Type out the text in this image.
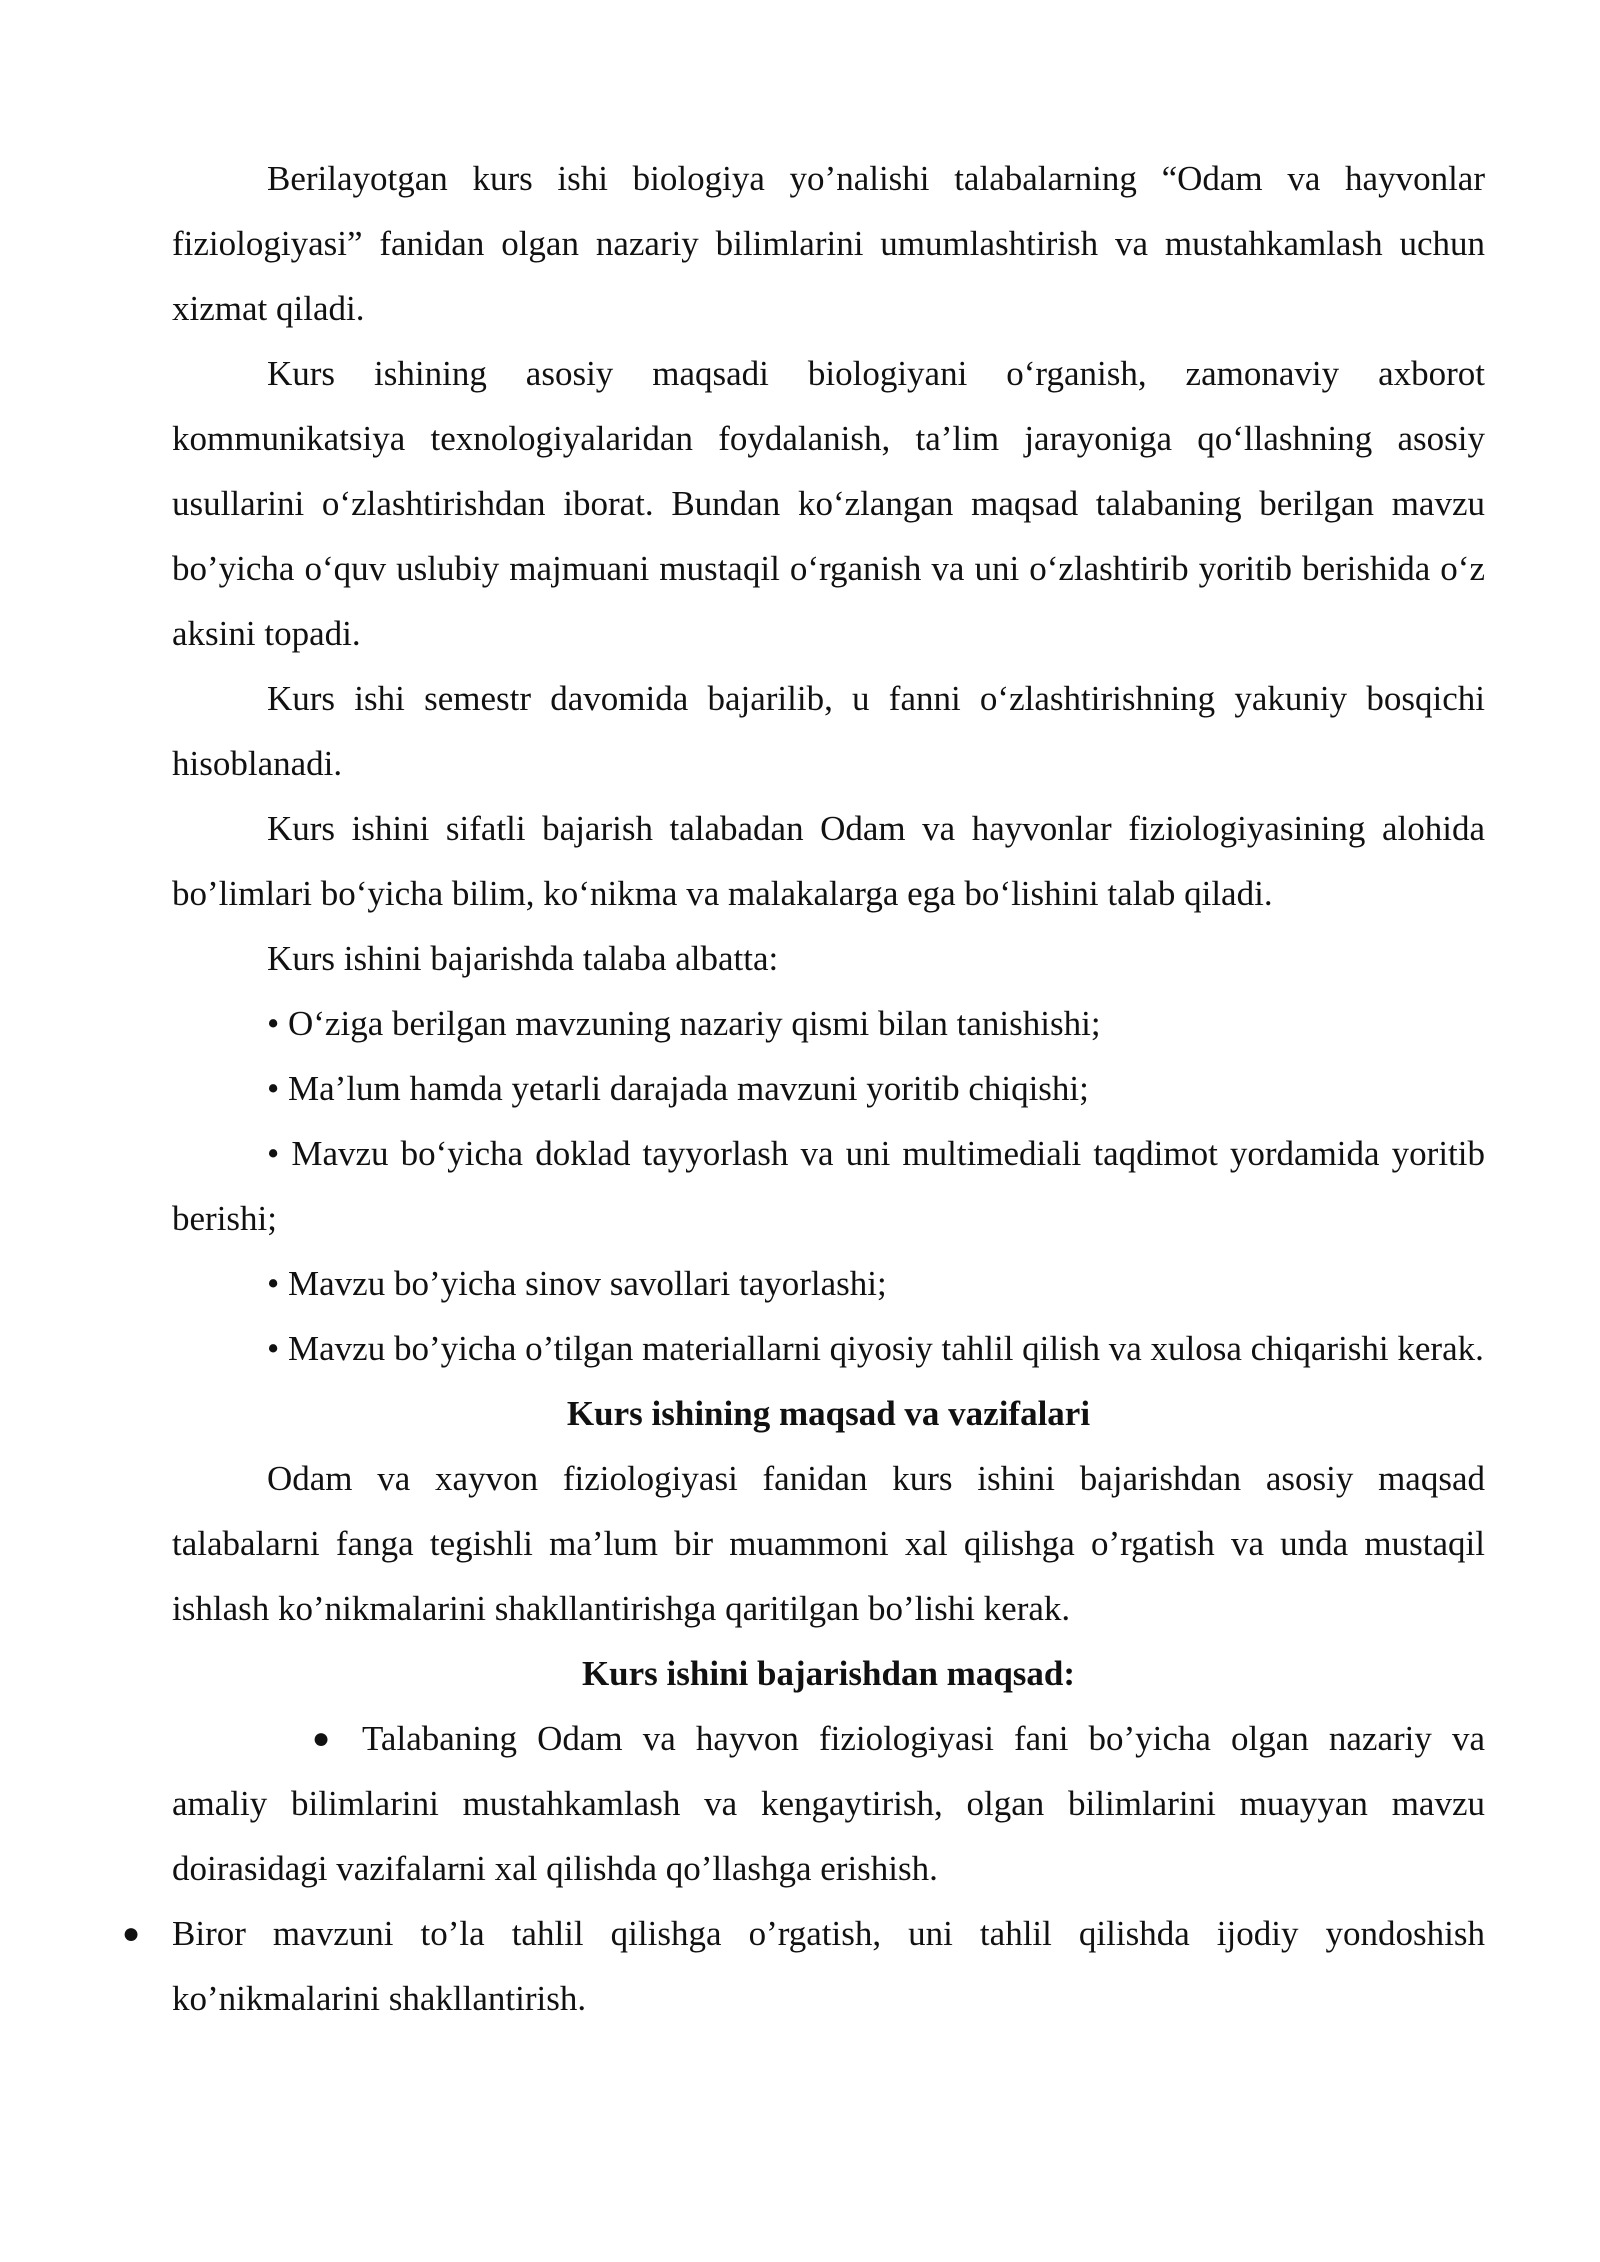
Berilayotgan kurs ishi biologiya yo’nalishi talabalarning “Odam va hayvonlar fiziologiyasi” fanidan olgan nazariy bilimlarini umumlashtirish va mustahkamlash uchun xizmat qiladi.

Kurs ishining asosiy maqsadi biologiyani o‘rganish, zamonaviy axborot kommunikatsiya texnologiyalaridan foydalanish, ta’lim jarayoniga qo‘llashning asosiy usullarini o‘zlashtirishdan iborat. Bundan ko‘zlangan maqsad talabaning berilgan mavzu bo’yicha o‘quv uslubiy majmuani mustaqil o‘rganish va uni o‘zlashtirib yoritib berishida o‘z aksini topadi.

Kurs ishi semestr davomida bajarilib, u fanni o‘zlashtirishning yakuniy bosqichi hisoblanadi.

Kurs ishini sifatli bajarish talabadan Odam va hayvonlar fiziologiyasining alohida bo’limlari bo‘yicha bilim, ko‘nikma va malakalarga ega bo‘lishini talab qiladi.

Kurs ishini bajarishda talaba albatta:

• O‘ziga berilgan mavzuning nazariy qismi bilan tanishishi;

• Ma’lum hamda yetarli darajada mavzuni yoritib chiqishi;

• Mavzu bo‘yicha doklad tayyorlash va uni multimediali taqdimot yordamida yoritib berishi;

• Mavzu bo’yicha sinov savollari tayorlashi;

• Mavzu bo’yicha o’tilgan materiallarni qiyosiy tahlil qilish va xulosa chiqarishi kerak.

Kurs ishining maqsad va vazifalari

Odam va xayvon fiziologiyasi fanidan kurs ishini bajarishdan asosiy maqsad talabalarni fanga tegishli ma’lum bir muammoni xal qilishga o’rgatish va unda mustaqil ishlash ko’nikmalarini shakllantirishga qaritilgan bo’lishi kerak.

Kurs ishini bajarishdan maqsad:

● Talabaning Odam va hayvon fiziologiyasi fani bo’yicha olgan nazariy va amaliy bilimlarini mustahkamlash va kengaytirish, olgan bilimlarini muayyan mavzu doirasidagi vazifalarni xal qilishda qo’llashga erishish.

● Biror mavzuni to’la tahlil qilishga o’rgatish, uni tahlil qilishda ijodiy yondoshish ko’nikmalarini shakllantirish.
